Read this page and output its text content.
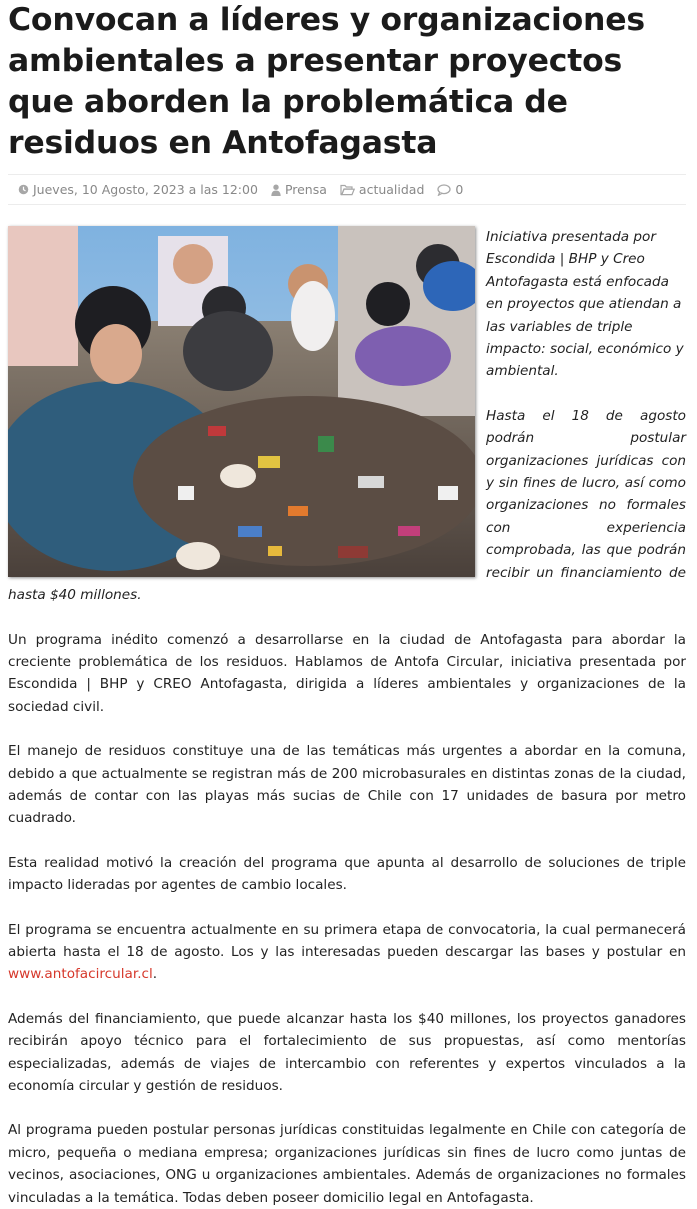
Convocan a líderes y organizaciones ambientales a presentar proyectos que aborden la problemática de residuos en Antofagasta
Jueves, 10 Agosto, 2023 a las 12:00 Prensa	actualidad 0

Iniciativa presentada por Escondida | BHP y Creo Antofagasta está enfocada en proyectos que atiendan a las variables de triple impacto: social, económico y ambiental.

Hasta el 18 de agosto podrán postular organizaciones jurídicas con y sin fines de lucro, así como organizaciones no formales con experiencia comprobada, las que podrán recibir un financiamiento de hasta $40 millones.

Un programa inédito comenzó a desarrollarse en la ciudad de Antofagasta para abordar la creciente problemática de los residuos. Hablamos de Antofa Circular, iniciativa presentada por Escondida | BHP y CREO Antofagasta, dirigida a líderes ambientales y organizaciones de la sociedad civil.

El manejo de residuos constituye una de las temáticas más urgentes a abordar en la comuna, debido a que actualmente se registran más de 200 microbasurales en distintas zonas de la ciudad, además de contar con las playas más sucias de Chile con 17 unidades de basura por metro cuadrado.

Esta realidad motivó la creación del programa que apunta al desarrollo de soluciones de triple impacto lideradas por agentes de cambio locales.

El programa se encuentra actualmente en su primera etapa de convocatoria, la cual permanecerá abierta hasta el 18 de agosto. Los y las interesadas pueden descargar las bases y postular en www.antofacircular.cl.

Además del financiamiento, que puede alcanzar hasta los $40 millones, los proyectos ganadores recibirán apoyo técnico para el fortalecimiento de sus propuestas, así como mentorías especializadas, además de viajes de intercambio con referentes y expertos vinculados a la economía circular y gestión de residuos.

Al programa pueden postular personas jurídicas constituidas legalmente en Chile con categoría de micro, pequeña o mediana empresa; organizaciones jurídicas sin fines de lucro como juntas de vecinos, asociaciones, ONG u organizaciones ambientales. Además de organizaciones no formales vinculadas a la temática. Todas deben poseer domicilio legal en Antofagasta.
